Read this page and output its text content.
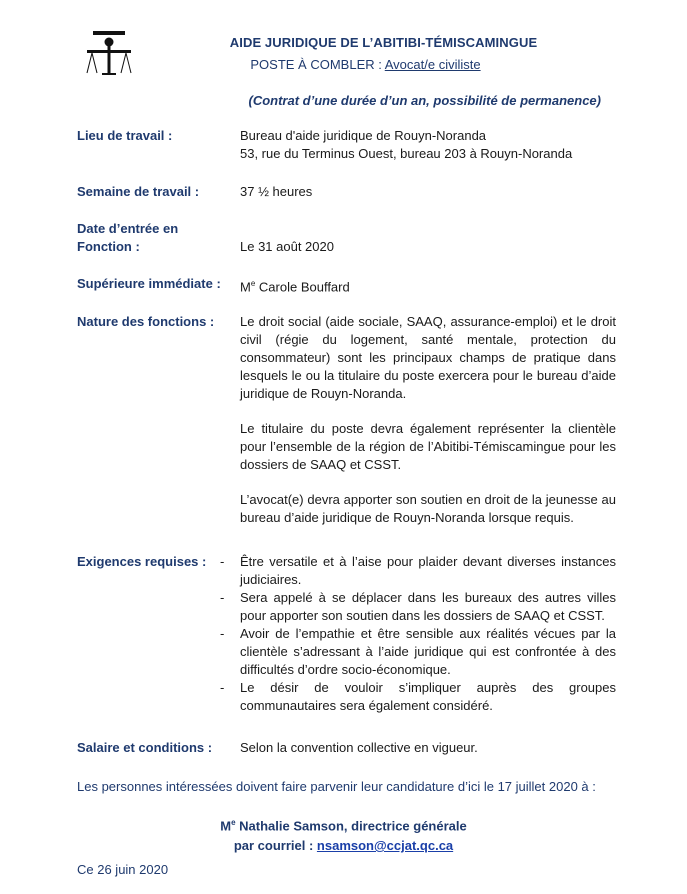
AIDE JURIDIQUE DE L’ABITIBI-TÉMISCAMINGUE
POSTE À COMBLER : Avocat/e civiliste
(Contrat d’une durée d’un an, possibilité de permanence)
Lieu de travail :	Bureau d'aide juridique de Rouyn-Noranda
53, rue du Terminus Ouest, bureau 203 à Rouyn-Noranda
Semaine de travail :	37 ½ heures
Date d’entrée en
Fonction :	Le 31 août 2020
Supérieure immédiate : Me Carole Bouffard
Nature des fonctions : Le droit social (aide sociale, SAAQ, assurance-emploi) et le droit civil (régie du logement, santé mentale, protection du consommateur) sont les principaux champs de pratique dans lesquels le ou la titulaire du poste exercera pour le bureau d’aide juridique de Rouyn-Noranda.

Le titulaire du poste devra également représenter la clientèle pour l’ensemble de la région de l’Abitibi-Témiscamingue pour les dossiers de SAAQ et CSST.

L’avocat(e) devra apporter son soutien en droit de la jeunesse au bureau d’aide juridique de Rouyn-Noranda lorsque requis.

Exigences requises : -	Être versatile et à l’aise pour plaider devant diverses instances judiciaires.
-	Sera appelé à se déplacer dans les bureaux des autres villes pour apporter son soutien dans les dossiers de SAAQ et CSST.
-	Avoir de l’empathie et être sensible aux réalités vécues par la clientèle s’adressant à l’aide juridique qui est confrontée à des difficultés d’ordre socio-économique.
-	Le désir de vouloir s’impliquer auprès des groupes communautaires sera également considéré.
Salaire et conditions : Selon la convention collective en vigueur.
Les personnes intéressées doivent faire parvenir leur candidature d’ici le 17 juillet 2020 à :
Me Nathalie Samson, directrice générale
par courriel : nsamson@ccjat.qc.ca
Ce 26 juin 2020
